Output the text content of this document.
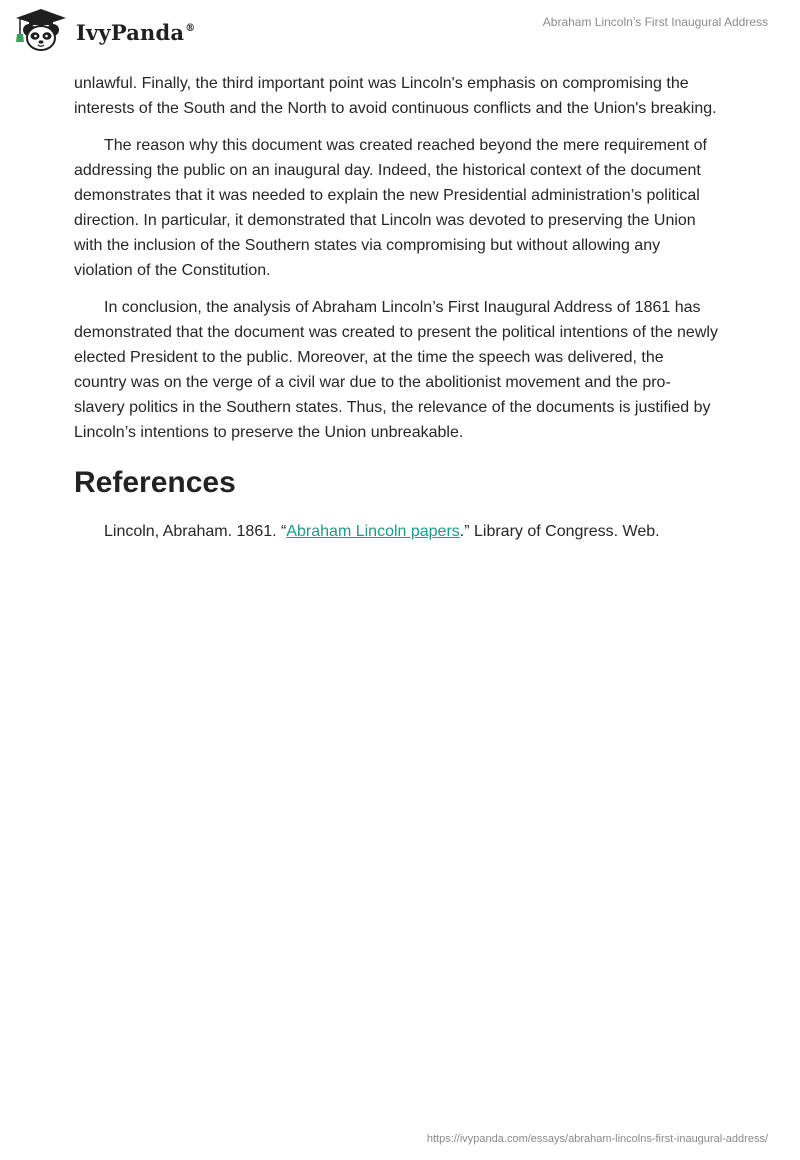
IvyPanda®	Abraham Lincoln’s First Inaugural Address

unlawful. Finally, the third important point was Lincoln's emphasis on compromising the interests of the South and the North to avoid continuous conflicts and the Union's breaking.

The reason why this document was created reached beyond the mere requirement of addressing the public on an inaugural day. Indeed, the historical context of the document demonstrates that it was needed to explain the new Presidential administration’s political direction. In particular, it demonstrated that Lincoln was devoted to preserving the Union with the inclusion of the Southern states via compromising but without allowing any violation of the Constitution.

In conclusion, the analysis of Abraham Lincoln’s First Inaugural Address of 1861 has demonstrated that the document was created to present the political intentions of the newly elected President to the public. Moreover, at the time the speech was delivered, the country was on the verge of a civil war due to the abolitionist movement and the pro-slavery politics in the Southern states. Thus, the relevance of the documents is justified by Lincoln’s intentions to preserve the Union unbreakable.

References

Lincoln, Abraham. 1861. “Abraham Lincoln papers.” Library of Congress. Web.

https://ivypanda.com/essays/abraham-lincolns-first-inaugural-address/
